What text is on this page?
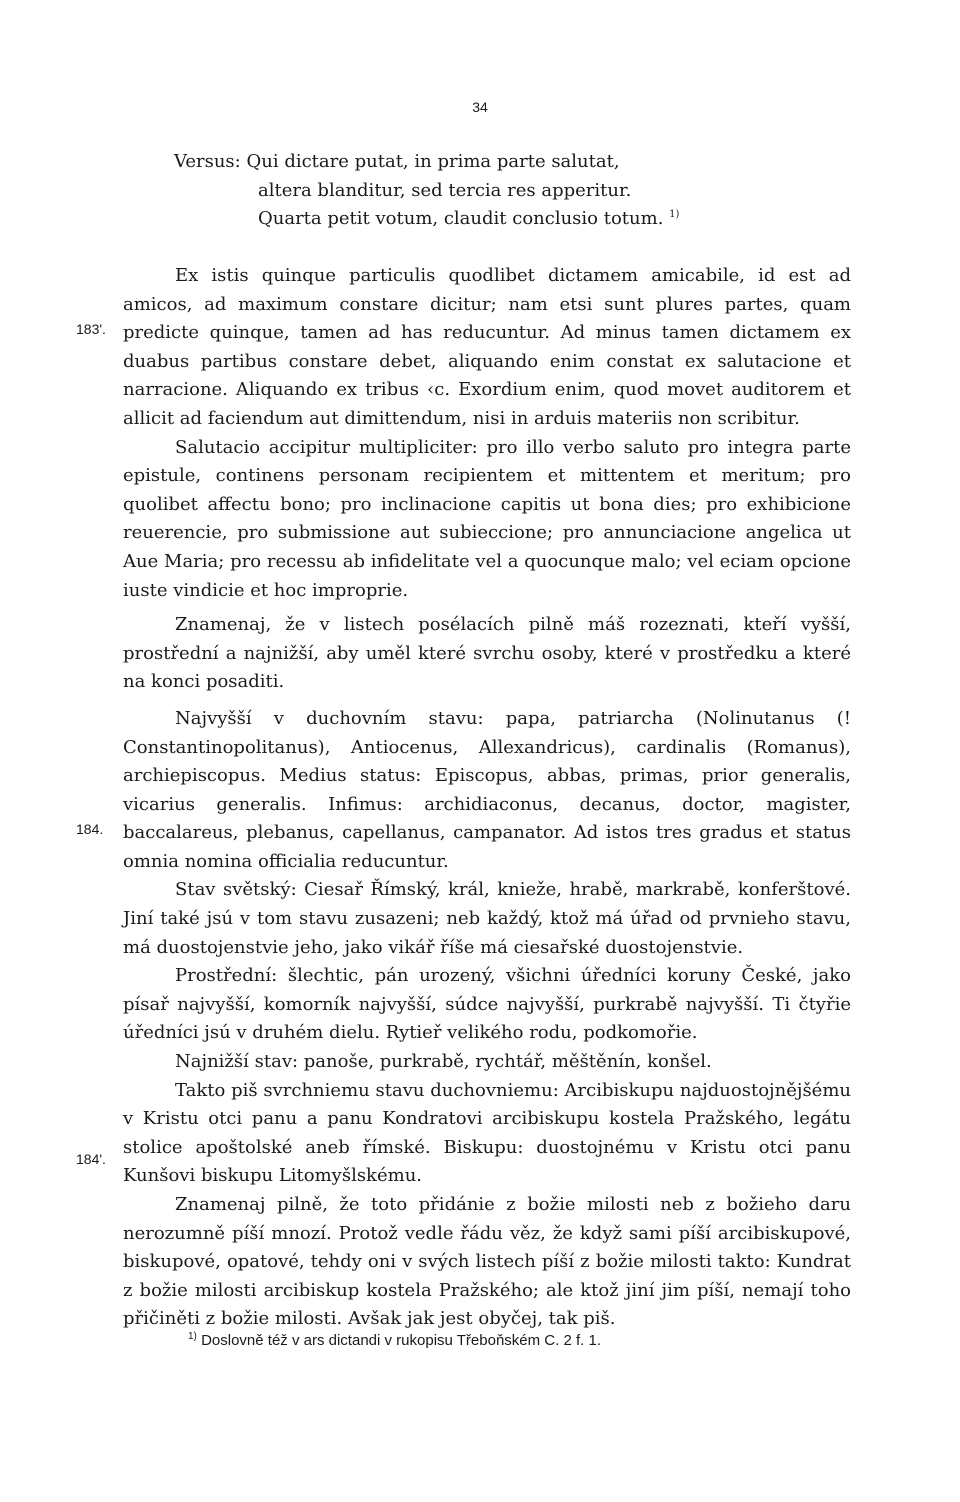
34
Versus: Qui dictare putat, in prima parte salutat,
altera blanditur, sed tercia res apperitur.
Quarta petit votum, claudit conclusio totum. $^{1)}$
183'.
184.
184'.

Ex istis quinque particulis quodlibet dictamem amicabile, id est ad amicos, ad maximum constare dicitur; nam etsi sunt plures partes, quam predicte quinque, tamen ad has reducuntur. Ad minus tamen dictamem ex duabus partibus constare debet, aliquando enim constat ex salutacione et narracione. Aliquando ex tribus ‹c. Exordium enim, quod movet auditorem et allicit ad faciendum aut dimittendum, nisi in arduis materiis non scribitur.

Salutacio accipitur multipliciter: pro illo verbo saluto pro integra parte epistule, continens personam recipientem et mittentem et meritum; pro quolibet affectu bono; pro inclinacione capitis ut bona dies; pro exhibicione reuerencie, pro submissione aut subieccione; pro annunciacione angelica ut Aue Maria; pro recessu ab infidelitate vel a quocunque malo; vel eciam opcione iuste vindicie et hoc improprie.

Znamenaj, že v listech posélacích pilně máš rozeznati, kteří vyšší, prostřední a najnižší, aby uměl které svrchu osoby, které v prostředku a které na konci posaditi.

Najvyšší v duchovním stavu: papa, patriarcha (Nolinutanus (! Constantinopolitanus), Antiocenus, Allexandricus), cardinalis (Romanus), archiepiscopus. Medius status: Episcopus, abbas, primas, prior generalis, vicarius generalis. Infimus: archidiaconus, decanus, doctor, magister, baccalareus, plebanus, capellanus, campanator. Ad istos tres gradus et status omnia nomina officialia reducuntur.

Stav světský: Ciesař Římský, král, knieže, hrabě, markrabě, konferštové. Jiní také jsú v tom stavu zusazeni; neb každý, ktož má úřad od prvnieho stavu, má duostojenstvie jeho, jako vikář říše má ciesařské duostojenstvie.

Prostřední: šlechtic, pán urozený, všichni úředníci koruny České, jako písař najvyšší, komorník najvyšší, súdce najvyšší, purkrabě najvyšší. Ti čtyřie úředníci jsú v druhém dielu. Rytieř velikého rodu, podkomořie.

Najnižší stav: panoše, purkrabě, rychtář, měštěnín, konšel.

Takto piš svrchniemu stavu duchovniemu: Arcibiskupu najduostojnějšému v Kristu otci panu a panu Kondratovi arcibiskupu kostela Pražského, legátu stolice apoštolské aneb římské. Biskupu: duostojnému v Kristu otci panu Kunšovi biskupu Litomyšlskému.

Znamenaj pilně, že toto přidánie z božie milosti neb z božieho daru nerozumně píší mnozí. Protož vedle řádu věz, že když sami píší arcibiskupové, biskupové, opatové, tehdy oni v svých listech píší z božie milosti takto: Kundrat z božie milosti arcibiskup kostela Pražského; ale ktož jiní jim píší, nemají toho přičiněti z božie milosti. Avšak jak jest obyčej, tak piš.

$^{1)}$ Doslovně též v ars dictandi v rukopisu Třeboňském C. 2 f. 1.
